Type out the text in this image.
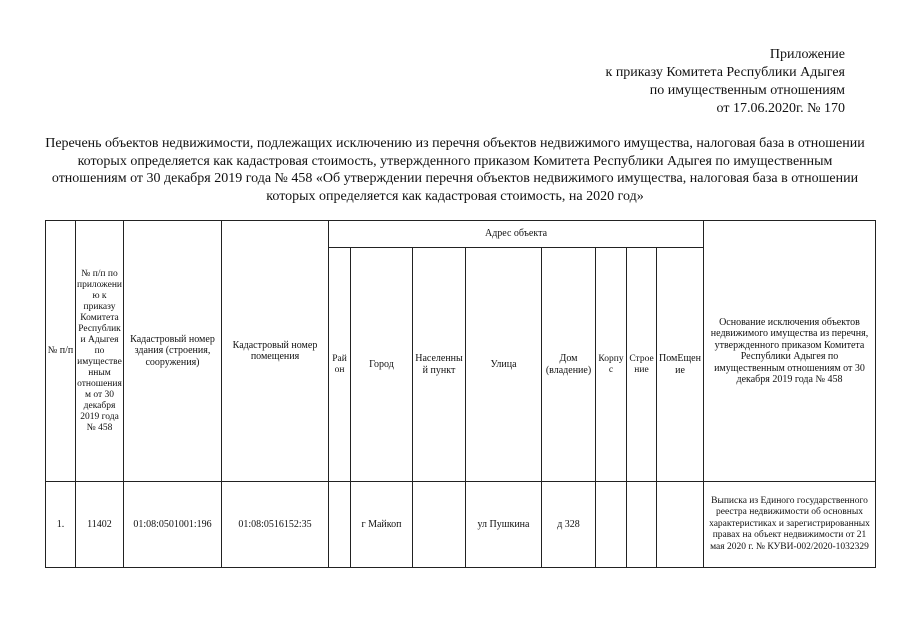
Приложение
к приказу Комитета Республики Адыгея
по имущественным отношениям
от 17.06.2020г. № 170
Перечень объектов недвижимости, подлежащих исключению из перечня объектов недвижимого имущества, налоговая база в отношении которых определяется как кадастровая стоимость, утвержденного приказом Комитета Республики Адыгея по имущественным отношениям от 30 декабря 2019 года № 458 «Об утверждении перечня объектов недвижимого имущества, налоговая база в отношении которых определяется как кадастровая стоимость, на 2020 год»
№ п/п	№ п/п по приложению к приказу Комитета Республики Адыгея по имущественным отношениям от 30 декабря 2019 года № 458	Кадастровый номер здания (строения, сооружения)	Кадастровый номер помещения	Адрес объекта								Основание исключения объектов недвижимого имущества из перечня, утвержденного приказом Комитета Республики Адыгея по имущественным отношениям от 30 декабря 2019 года № 458
				Район	Город	Населенный пункт	Улица	Дом (владение)	Корпус	Строение	ПомЕщение	
1.	11402	01:08:0501001:196	01:08:0516152:35		г Майкоп		ул Пушкина	д 328				Выписка из Единого государственного реестра недвижимости об основных характеристиках и зарегистрированных правах на объект недвижимости от 21 мая 2020 г. № КУВИ-002/2020-1032329
